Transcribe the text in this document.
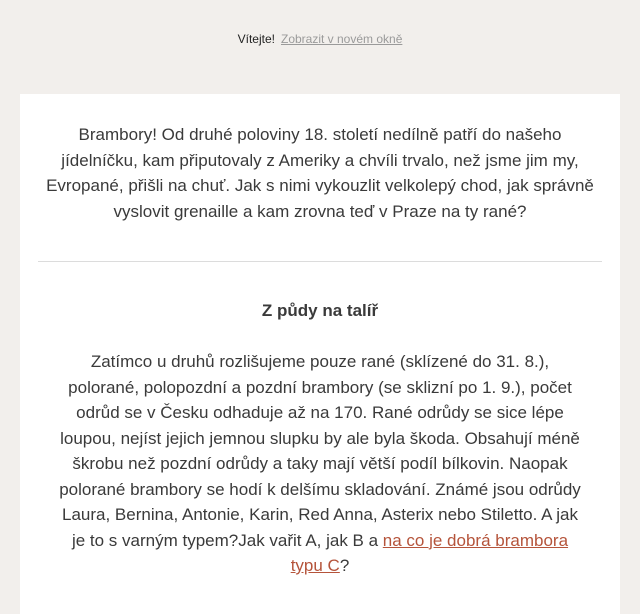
Vítejte! Zobrazit v novém okně

Brambory! Od druhé poloviny 18. století nedílně patří do našeho jídelníčku, kam připutovaly z Ameriky a chvíli trvalo, než jsme jim my, Evropané, přišli na chuť. Jak s nimi vykouzlit velkolepý chod, jak správně vyslovit grenaille a kam zrovna teď v Praze na ty rané?

Z půdy na talíř

Zatímco u druhů rozlišujeme pouze rané (sklízené do 31. 8.), polorané, polopozdní a pozdní brambory (se sklizní po 1. 9.), počet odrůd se v Česku odhaduje až na 170. Rané odrůdy se sice lépe loupou, nejíst jejich jemnou slupku by ale byla škoda. Obsahují méně škrobu než pozdní odrůdy a taky mají větší podíl bílkovin. Naopak polorané brambory se hodí k delšímu skladování. Známé jsou odrůdy Laura, Bernina, Antonie, Karin, Red Anna, Asterix nebo Stiletto. A jak je to s varným typem?Jak vařit A, jak B a na co je dobrá brambora typu C?
